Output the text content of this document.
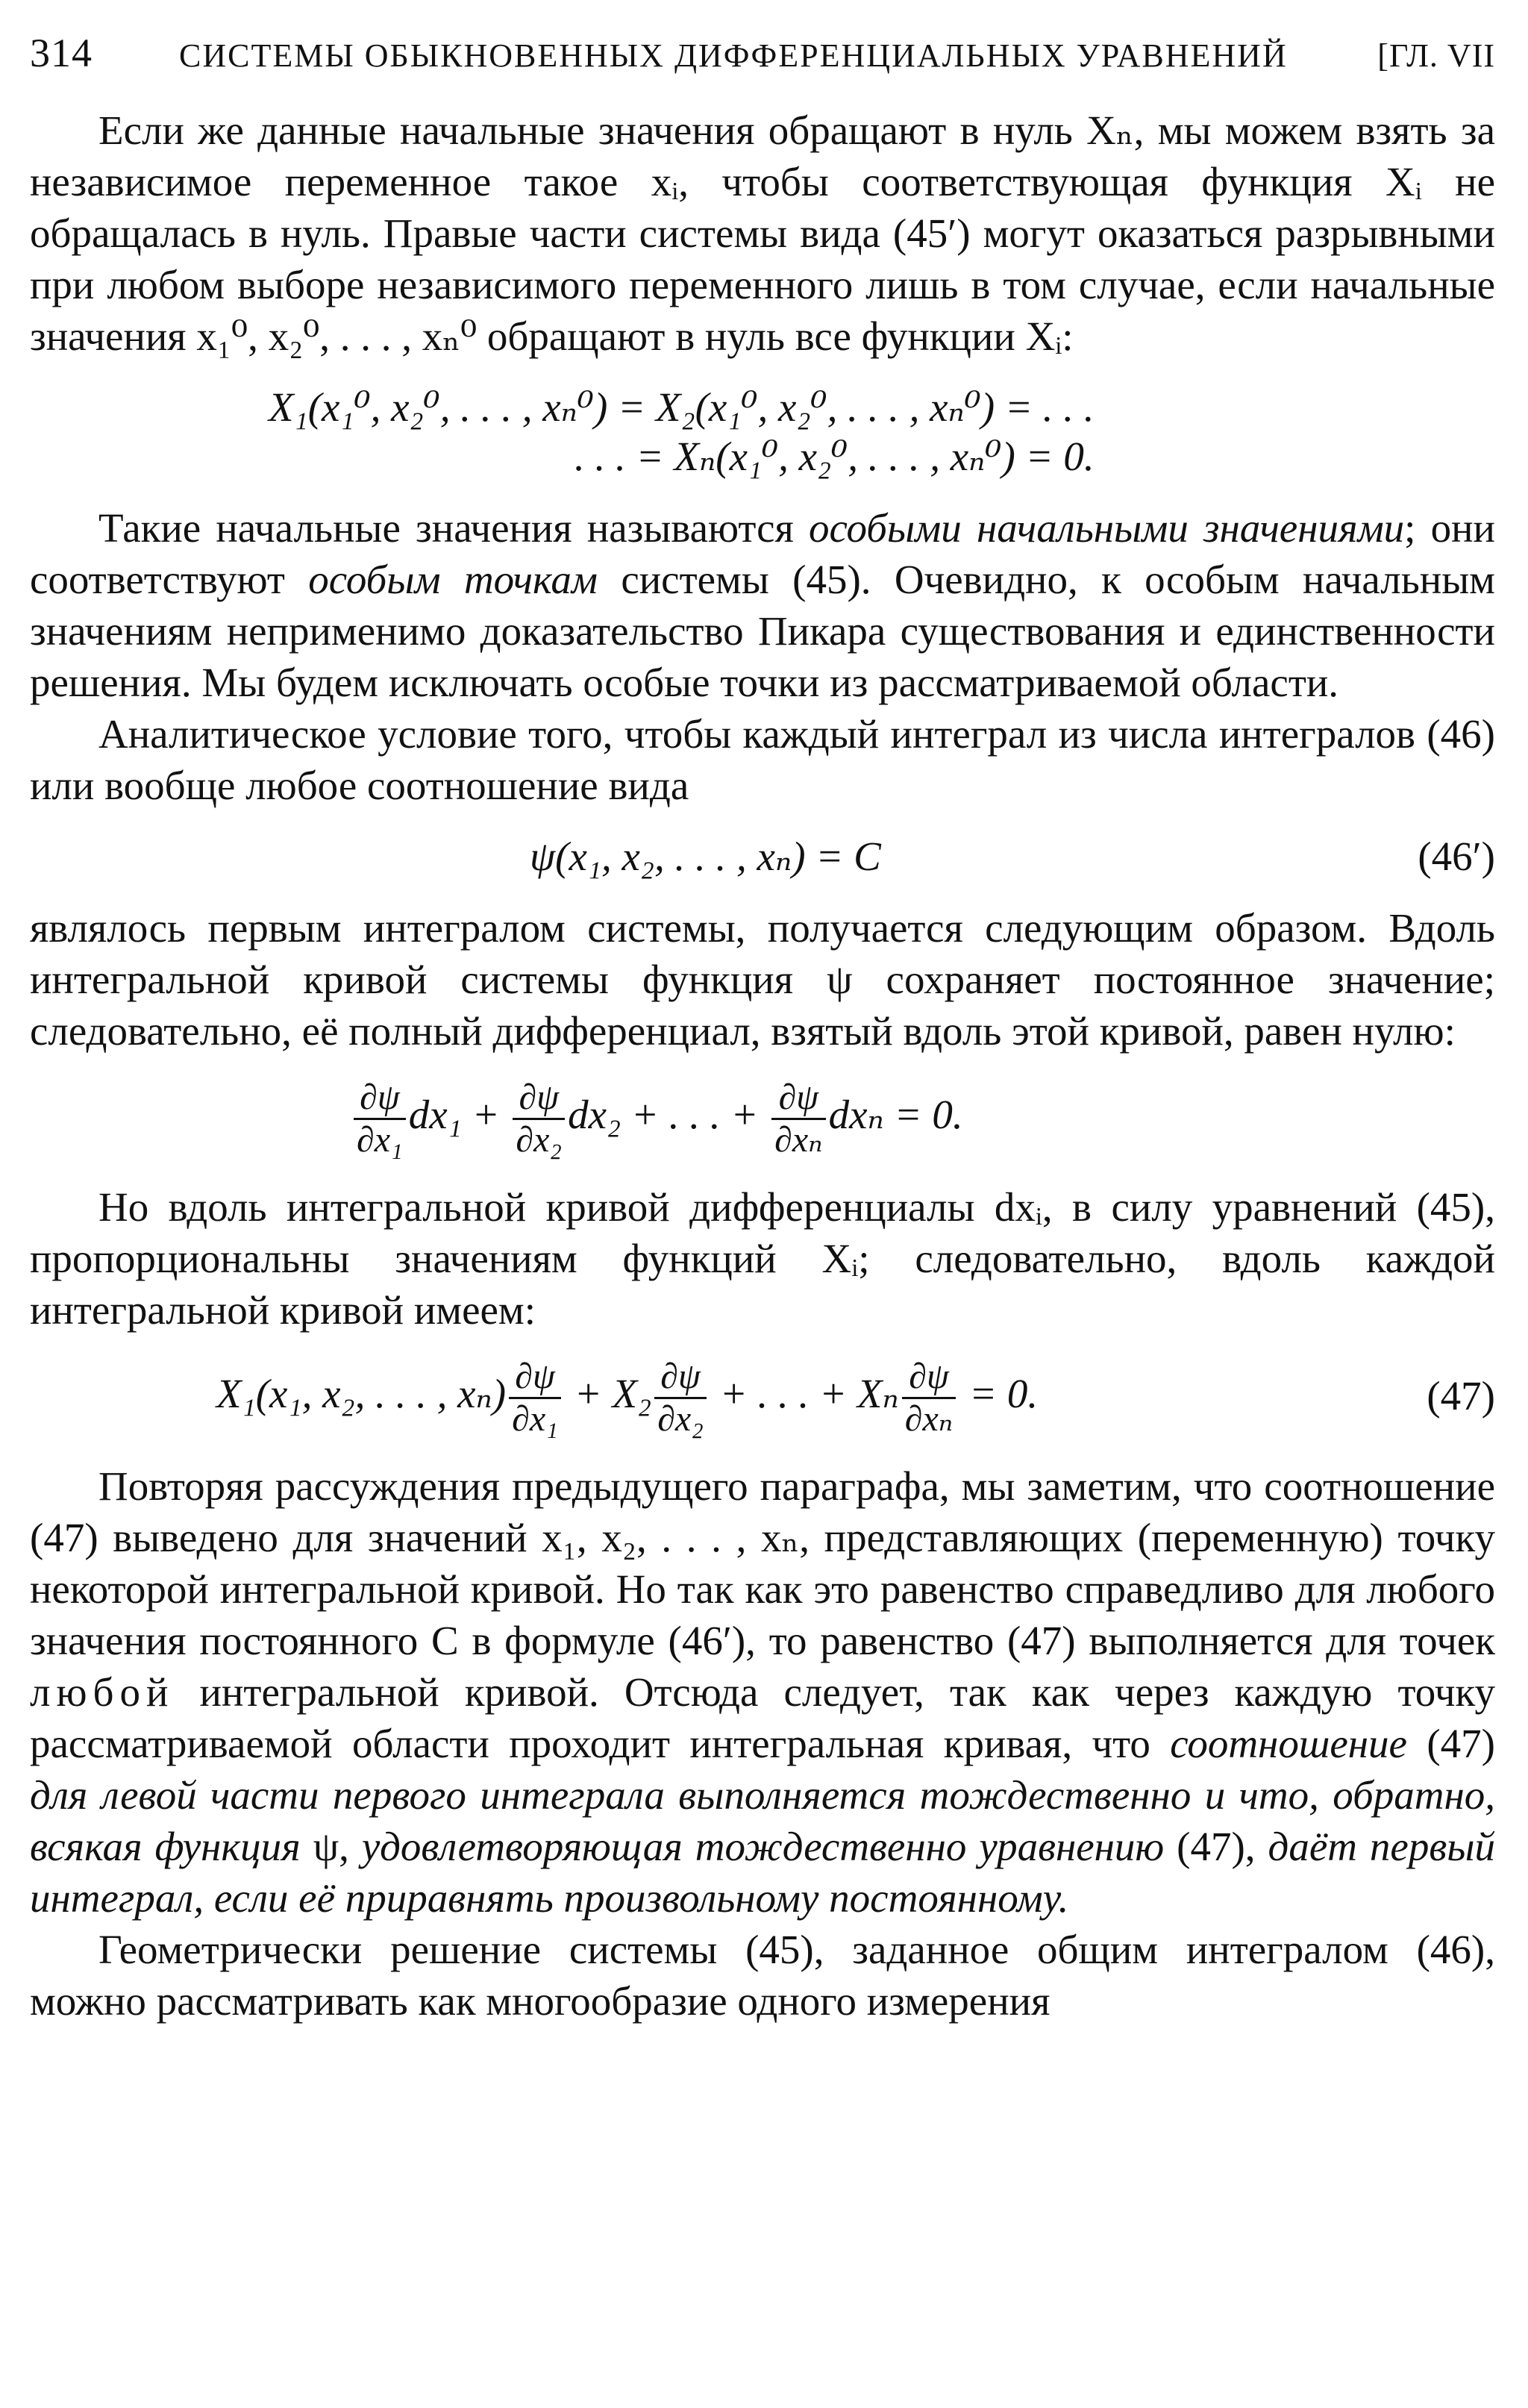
314	СИСТЕМЫ ОБЫКНОВЕННЫХ ДИФФЕРЕНЦИАЛЬНЫХ УРАВНЕНИЙ	[ГЛ. VII

Если же данные начальные значения обращают в нуль Xₙ, мы можем взять за независимое переменное такое xᵢ, чтобы соответствующая функция Xᵢ не обращалась в нуль. Правые части системы вида (45′) могут оказаться разрывными при любом выборе независимого переменного лишь в том случае, если начальные значения x₁⁰, x₂⁰, . . . , xₙ⁰ обращают в нуль все функции Xᵢ:

X₁(x₁⁰, x₂⁰, . . . , xₙ⁰) = X₂(x₁⁰, x₂⁰, . . . , xₙ⁰) = . . .
. . . = Xₙ(x₁⁰, x₂⁰, . . . , xₙ⁰) = 0.

Такие начальные значения называются особыми начальными значениями; они соответствуют особым точкам системы (45). Очевидно, к особым начальным значениям неприменимо доказательство Пикара существования и единственности решения. Мы будем исключать особые точки из рассматриваемой области.

Аналитическое условие того, чтобы каждый интеграл из числа интегралов (46) или вообще любое соотношение вида

ψ(x₁, x₂, . . . , xₙ) = C	(46′)

являлось первым интегралом системы, получается следующим образом. Вдоль интегральной кривой системы функция ψ сохраняет постоянное значение; следовательно, её полный дифференциал, взятый вдоль этой кривой, равен нулю:

$\frac{\partial\psi}{\text{∂x₁}} dx_1 + \frac{\partial\psi}{\text{∂x₂}} dx_2$ + . . . + $\frac{\partial\psi}{\text{∂xₙ}}$ dxₙ = 0.

Но вдоль интегральной кривой дифференциалы dxᵢ, в силу уравнений (45), пропорциональны значениям функций Xᵢ; следовательно, вдоль каждой интегральной кривой имеем:

X₁(x₁, x₂, . . . , $x_n) \frac{\partial\psi}{\text{∂x₁}} + X_2 \frac{\partial\psi}{\text{∂x₂}}$ + . . . + Xₙ $\frac{\partial\psi}{\text{∂xₙ}} = 0$.	(47)

Повторяя рассуждения предыдущего параграфа, мы заметим, что соотношение (47) выведено для значений x₁, x₂, . . . , xₙ, представляющих (переменную) точку некоторой интегральной кривой. Но так как это равенство справедливо для любого значения постоянного C в формуле (46′), то равенство (47) выполняется для точек любой интегральной кривой. Отсюда следует, так как через каждую точку рассматриваемой области проходит интегральная кривая, что соотношение (47) для левой части первого интеграла выполняется тождественно и что, обратно, всякая функция ψ, удовлетворяющая тождественно уравнению (47), даёт первый интеграл, если её приравнять произвольному постоянному.

Геометрически решение системы (45), заданное общим интегралом (46), можно рассматривать как многообразие одного измерения
